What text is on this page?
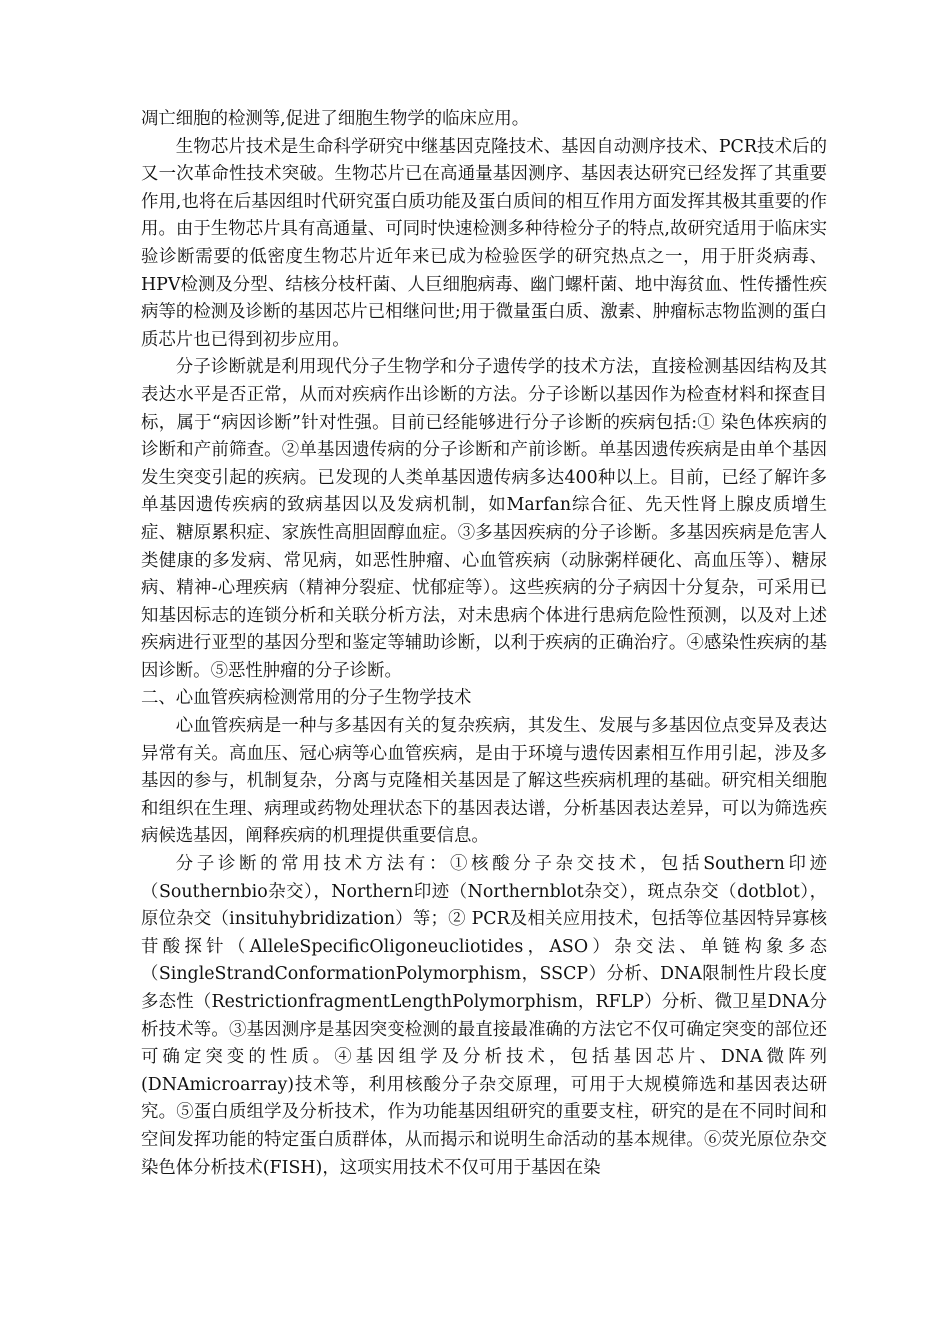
凋亡细胞的检测等,促进了细胞生物学的临床应用。

生物芯片技术是生命科学研究中继基因克隆技术、基因自动测序技术、PCR技术后的又一次革命性技术突破。生物芯片已在高通量基因测序、基因表达研究已经发挥了其重要作用,也将在后基因组时代研究蛋白质功能及蛋白质间的相互作用方面发挥其极其重要的作用。由于生物芯片具有高通量、可同时快速检测多种待检分子的特点,故研究适用于临床实验诊断需要的低密度生物芯片近年来已成为检验医学的研究热点之一，用于肝炎病毒、HPV检测及分型、结核分枝杆菌、人巨细胞病毒、幽门螺杆菌、地中海贫血、性传播性疾病等的检测及诊断的基因芯片已相继问世;用于微量蛋白质、激素、肿瘤标志物监测的蛋白质芯片也已得到初步应用。

分子诊断就是利用现代分子生物学和分子遗传学的技术方法，直接检测基因结构及其表达水平是否正常，从而对疾病作出诊断的方法。分子诊断以基因作为检查材料和探查目标，属于“病因诊断”针对性强。目前已经能够进行分子诊断的疾病包括:① 染色体疾病的诊断和产前筛查。②单基因遗传病的分子诊断和产前诊断。单基因遗传疾病是由单个基因发生突变引起的疾病。已发现的人类单基因遗传病多达400种以上。目前，已经了解许多单基因遗传疾病的致病基因以及发病机制，如Marfan综合征、先天性肾上腺皮质增生症、糖原累积症、家族性高胆固醇血症。③多基因疾病的分子诊断。多基因疾病是危害人类健康的多发病、常见病，如恶性肿瘤、心血管疾病（动脉粥样硬化、高血压等）、糖尿病、精神-心理疾病（精神分裂症、忧郁症等）。这些疾病的分子病因十分复杂，可采用已知基因标志的连锁分析和关联分析方法，对未患病个体进行患病危险性预测，以及对上述疾病进行亚型的基因分型和鉴定等辅助诊断，以利于疾病的正确治疗。④感染性疾病的基因诊断。⑤恶性肿瘤的分子诊断。

二、心血管疾病检测常用的分子生物学技术

心血管疾病是一种与多基因有关的复杂疾病，其发生、发展与多基因位点变异及表达异常有关。高血压、冠心病等心血管疾病，是由于环境与遗传因素相互作用引起，涉及多基因的参与，机制复杂，分离与克隆相关基因是了解这些疾病机理的基础。研究相关细胞和组织在生理、病理或药物处理状态下的基因表达谱，分析基因表达差异，可以为筛选疾病候选基因，阐释疾病的机理提供重要信息。

分子诊断的常用技术方法有：①核酸分子杂交技术，包括Southern印迹（Southernbio杂交），Northern印迹（Northernblot杂交），斑点杂交（dotblot），原位杂交（insituhybridization）等；② PCR及相关应用技术，包括等位基因特异寡核苷酸探针（AlleleSpecificOligoneucliotides，ASO）杂交法、单链构象多态（SingleStrandConformationPolymorphism，SSCP）分析、DNA限制性片段长度多态性（RestrictionfragmentLengthPolymorphism，RFLP）分析、微卫星DNA分析技术等。③基因测序是基因突变检测的最直接最准确的方法它不仅可确定突变的部位还可确定突变的性质。④基因组学及分析技术，包括基因芯片、DNA微阵列(DNAmicroarray)技术等，利用核酸分子杂交原理，可用于大规模筛选和基因表达研究。⑤蛋白质组学及分析技术，作为功能基因组研究的重要支柱，研究的是在不同时间和空间发挥功能的特定蛋白质群体，从而揭示和说明生命活动的基本规律。⑥荧光原位杂交染色体分析技术(FISH)，这项实用技术不仅可用于基因在染
